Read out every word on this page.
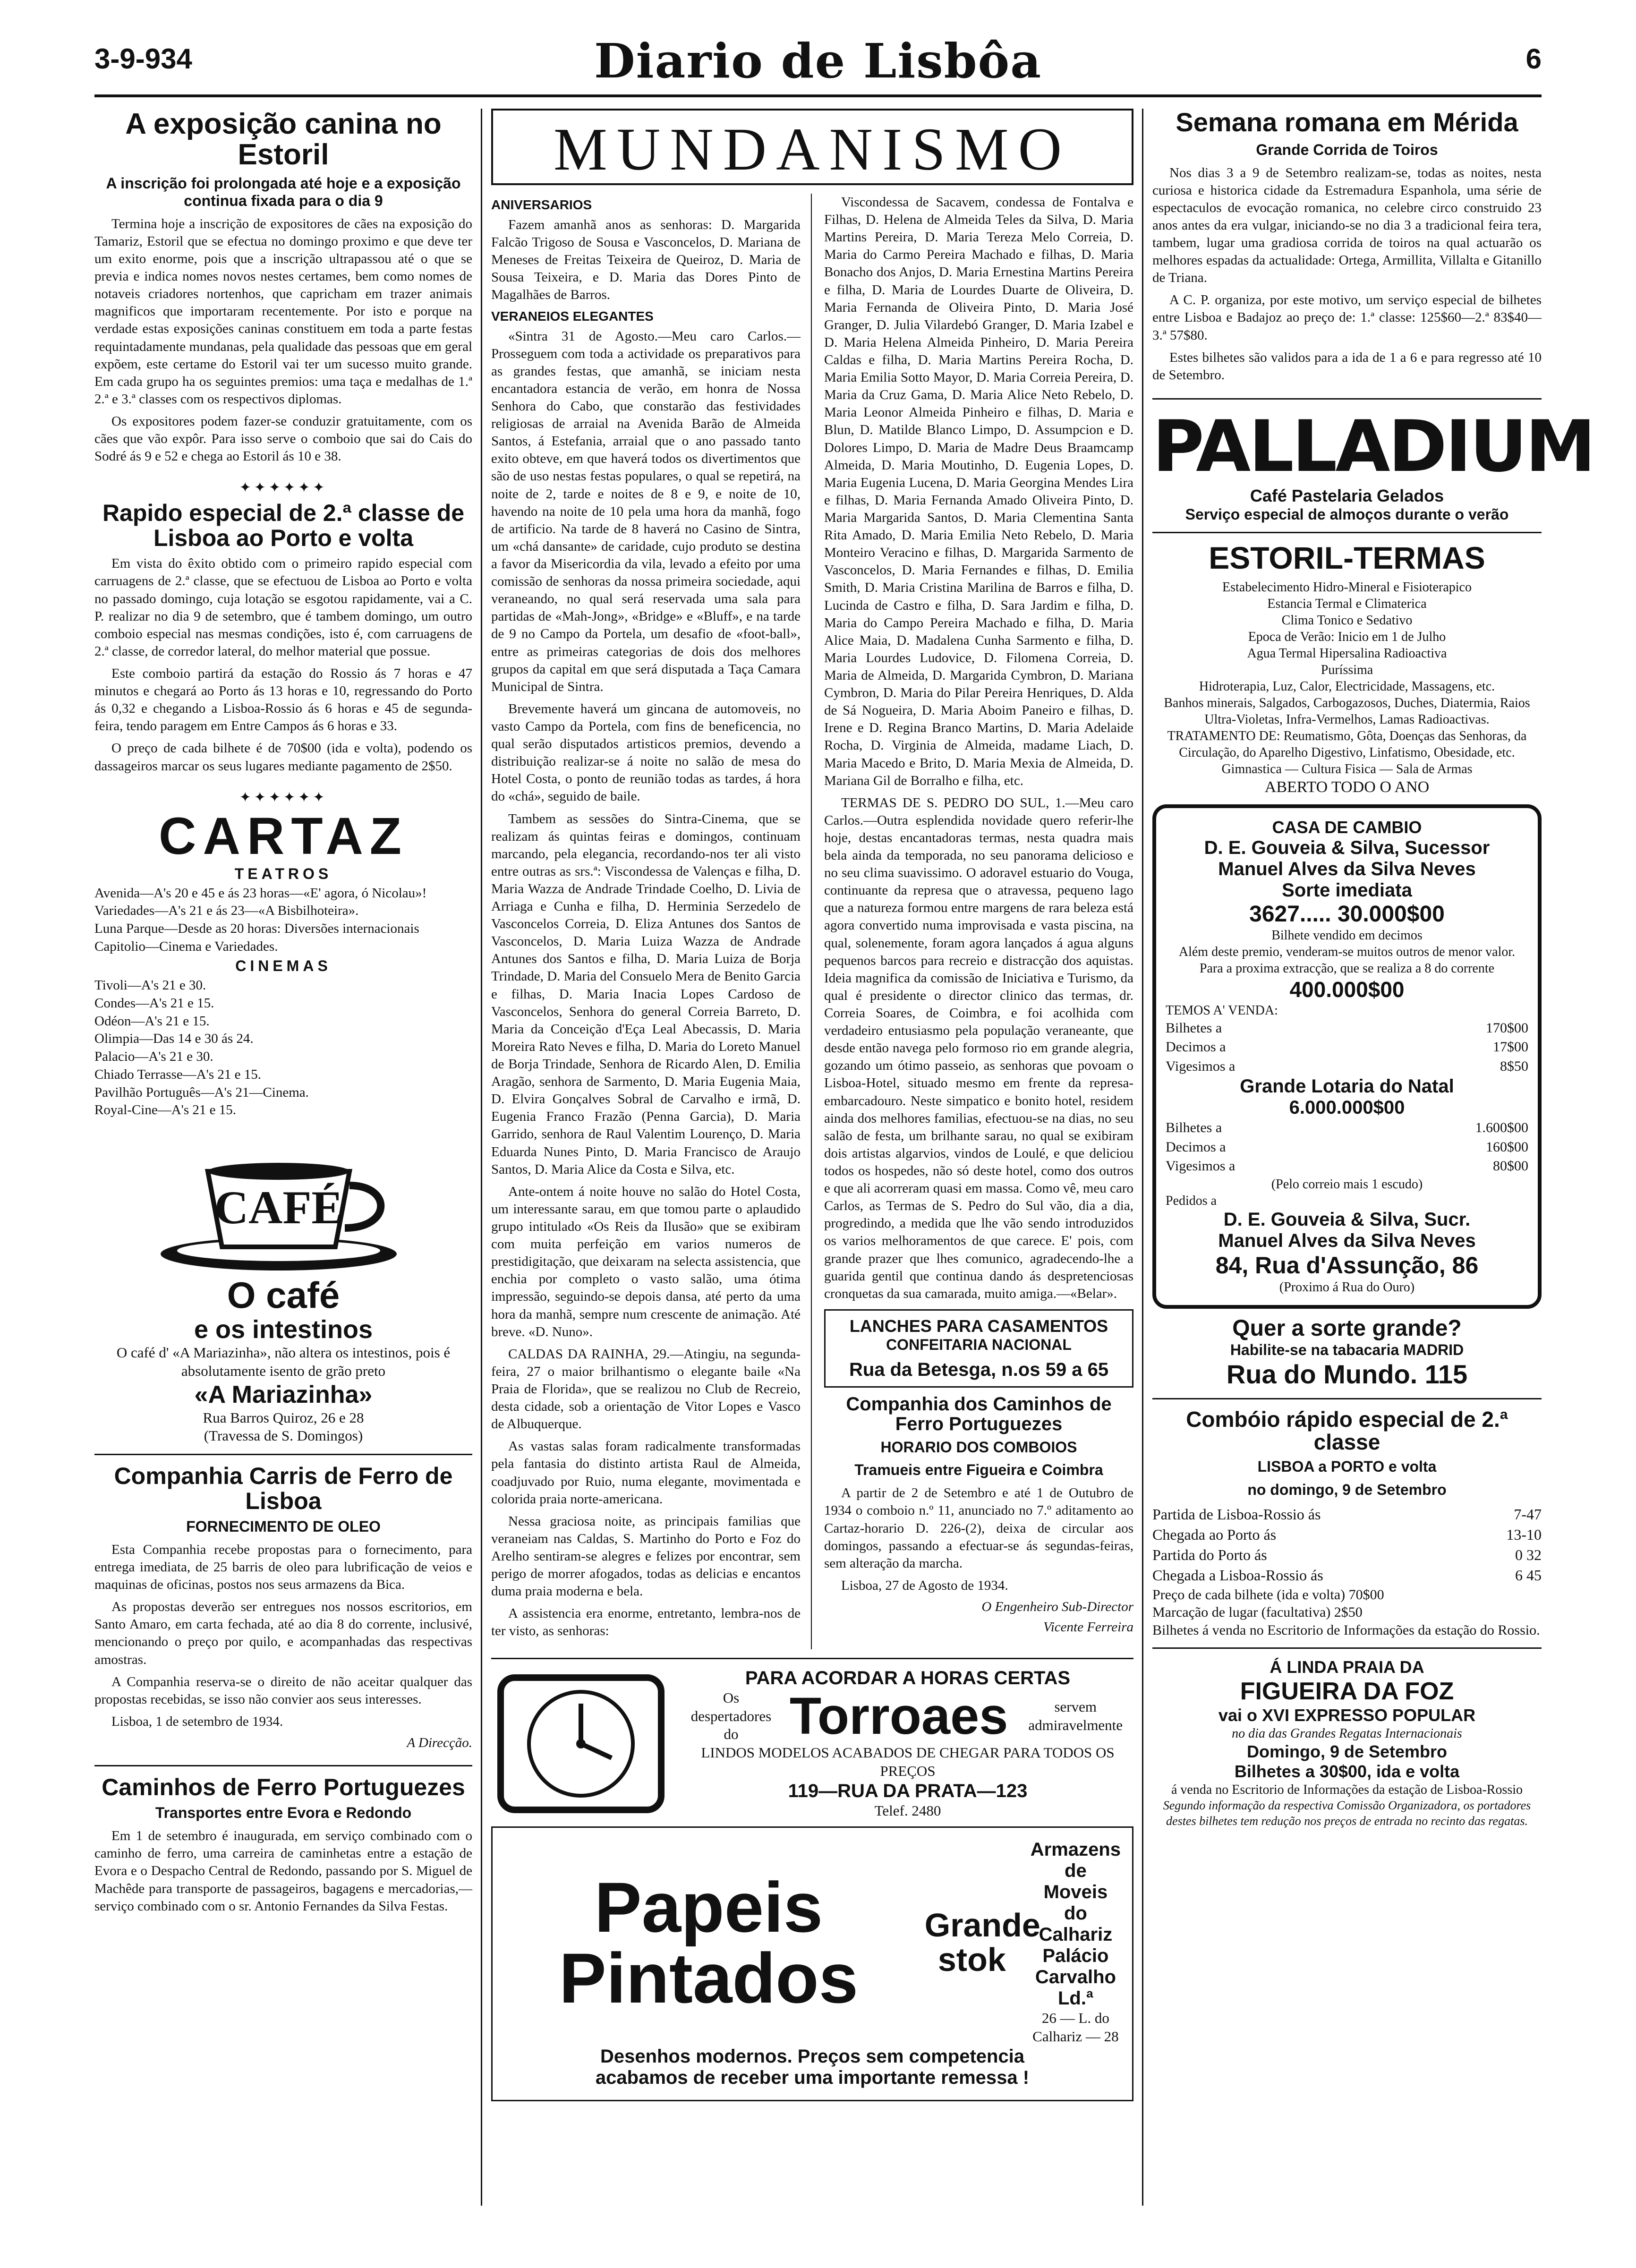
3-9-934	Diario de Lisbôa	6
A exposição canina no Estoril
A inscrição foi prolongada até hoje e a exposição continua fixada para o dia 9

Termina hoje a inscrição de expositores de cães na exposição do Tamariz, Estoril que se efectua no domingo proximo e que deve ter um exito enorme, pois que a inscrição ultrapassou até o que se previa e indica nomes novos nestes certames, bem como nomes de notaveis criadores nortenhos, que capricham em trazer animais magnificos que importaram recentemente. Por isto e porque na verdade estas exposições caninas constituem em toda a parte festas requintadamente mundanas, pela qualidade das pessoas que em geral expõem, este certame do Estoril vai ter um sucesso muito grande. Em cada grupo ha os seguintes premios: uma taça e medalhas de 1.ª 2.ª e 3.ª classes com os respectivos diplomas.

Os expositores podem fazer-se conduzir gratuitamente, com os cães que vão expôr. Para isso serve o comboio que sai do Cais do Sodré ás 9 e 52 e chega ao Estoril ás 10 e 38.

✦✦✦✦✦✦
Rapido especial de 2.ª classe de Lisboa ao Porto e volta

Em vista do êxito obtido com o primeiro rapido especial com carruagens de 2.ª classe, que se efectuou de Lisboa ao Porto e volta no passado domingo, cuja lotação se esgotou rapidamente, vai a C. P. realizar no dia 9 de setembro, que é tambem domingo, um outro comboio especial nas mesmas condições, isto é, com carruagens de 2.ª classe, de corredor lateral, do melhor material que possue.

Este comboio partirá da estação do Rossio ás 7 horas e 47 minutos e chegará ao Porto ás 13 horas e 10, regressando do Porto ás 0,32 e chegando a Lisboa-Rossio ás 6 horas e 45 de segunda-feira, tendo paragem em Entre Campos ás 6 horas e 33.

O preço de cada bilhete é de 70$00 (ida e volta), podendo os dassageiros marcar os seus lugares mediante pagamento de 2$50.

✦✦✦✦✦✦
CARTAZ
TEATROS
Avenida—A's 20 e 45 e ás 23 horas—«E' agora, ó Nicolau»!
Variedades—A's 21 e ás 23—«A Bisbilhoteira».
Luna Parque—Desde as 20 horas: Diversões internacionais
Capitolio—Cinema e Variedades.
CINEMAS
Tivoli—A's 21 e 30.
Condes—A's 21 e 15.
Odéon—A's 21 e 15.
Olimpia—Das 14 e 30 ás 24.
Palacio—A's 21 e 30.
Chiado Terrasse—A's 21 e 15.
Pavilhão Português—A's 21—Cinema.
Royal-Cine—A's 21 e 15.
CAFÉ
O café
e os intestinos
O café d' «A Mariazinha», não altera os intestinos, pois é absolutamente isento de grão preto
«A Mariazinha»
Rua Barros Quiroz, 26 e 28
(Travessa de S. Domingos)
Companhia Carris de Ferro de Lisboa
FORNECIMENTO DE OLEO

Esta Companhia recebe propostas para o fornecimento, para entrega imediata, de 25 barris de oleo para lubrificação de veios e maquinas de oficinas, postos nos seus armazens da Bica.

As propostas deverão ser entregues nos nossos escritorios, em Santo Amaro, em carta fechada, até ao dia 8 do corrente, inclusivé, mencionando o preço por quilo, e acompanhadas das respectivas amostras.

A Companhia reserva-se o direito de não aceitar qualquer das propostas recebidas, se isso não convier aos seus interesses.

Lisboa, 1 de setembro de 1934.

A Direcção.
Caminhos de Ferro Portuguezes
Transportes entre Evora e Redondo

Em 1 de setembro é inaugurada, em serviço combinado com o caminho de ferro, uma carreira de caminhetas entre a estação de Evora e o Despacho Central de Redondo, passando por S. Miguel de Machêde para transporte de passageiros, bagagens e mercadorias,—serviço combinado com o sr. Antonio Fernandes da Silva Festas.

MUNDANISMO
ANIVERSARIOS

Fazem amanhã anos as senhoras: D. Margarida Falcão Trigoso de Sousa e Vasconcelos, D. Mariana de Meneses de Freitas Teixeira de Queiroz, D. Maria de Sousa Teixeira, e D. Maria das Dores Pinto de Magalhães de Barros.

VERANEIOS ELEGANTES

«Sintra 31 de Agosto.—Meu caro Carlos.—Prosseguem com toda a actividade os preparativos para as grandes festas, que amanhã, se iniciam nesta encantadora estancia de verão, em honra de Nossa Senhora do Cabo, que constarão das festividades religiosas de arraial na Avenida Barão de Almeida Santos, á Estefania, arraial que o ano passado tanto exito obteve, em que haverá todos os divertimentos que são de uso nestas festas populares, o qual se repetirá, na noite de 2, tarde e noites de 8 e 9, e noite de 10, havendo na noite de 10 pela uma hora da manhã, fogo de artificio. Na tarde de 8 haverá no Casino de Sintra, um «chá dansante» de caridade, cujo produto se destina a favor da Misericordia da vila, levado a efeito por uma comissão de senhoras da nossa primeira sociedade, aqui veraneando, no qual será reservada uma sala para partidas de «Mah-Jong», «Bridge» e «Bluff», e na tarde de 9 no Campo da Portela, um desafio de «foot-ball», entre as primeiras categorias de dois dos melhores grupos da capital em que será disputada a Taça Camara Municipal de Sintra.

Brevemente haverá um gincana de automoveis, no vasto Campo da Portela, com fins de beneficencia, no qual serão disputados artisticos premios, devendo a distribuição realizar-se á noite no salão de mesa do Hotel Costa, o ponto de reunião todas as tardes, á hora do «chá», seguido de baile.

Tambem as sessões do Sintra-Cinema, que se realizam ás quintas feiras e domingos, continuam marcando, pela elegancia, recordando-nos ter ali visto entre outras as srs.ª: Viscondessa de Valenças e filha, D. Maria Wazza de Andrade Trindade Coelho, D. Livia de Arriaga e Cunha e filha, D. Herminia Serzedelo de Vasconcelos Correia, D. Eliza Antunes dos Santos de Vasconcelos, D. Maria Luiza Wazza de Andrade Antunes dos Santos e filha, D. Maria Luiza de Borja Trindade, D. Maria del Consuelo Mera de Benito Garcia e filhas, D. Maria Inacia Lopes Cardoso de Vasconcelos, Senhora do general Correia Barreto, D. Maria da Conceição d'Eça Leal Abecassis, D. Maria Moreira Rato Neves e filha, D. Maria do Loreto Manuel de Borja Trindade, Senhora de Ricardo Alen, D. Emilia Aragão, senhora de Sarmento, D. Maria Eugenia Maia, D. Elvira Gonçalves Sobral de Carvalho e irmã, D. Eugenia Franco Frazão (Penna Garcia), D. Maria Garrido, senhora de Raul Valentim Lourenço, D. Maria Eduarda Nunes Pinto, D. Maria Francisco de Araujo Santos, D. Maria Alice da Costa e Silva, etc.

Ante-ontem á noite houve no salão do Hotel Costa, um interessante sarau, em que tomou parte o aplaudido grupo intitulado «Os Reis da Ilusão» que se exibiram com muita perfeição em varios numeros de prestidigitação, que deixaram na selecta assistencia, que enchia por completo o vasto salão, uma ótima impressão, seguindo-se depois dansa, até perto da uma hora da manhã, sempre num crescente de animação. Até breve. «D. Nuno».

CALDAS DA RAINHA, 29.—Atingiu, na segunda-feira, 27 o maior brilhantismo o elegante baile «Na Praia de Florida», que se realizou no Club de Recreio, desta cidade, sob a orientação de Vitor Lopes e Vasco de Albuquerque.

As vastas salas foram radicalmente transformadas pela fantasia do distinto artista Raul de Almeida, coadjuvado por Ruio, numa elegante, movimentada e colorida praia norte-americana.

Nessa graciosa noite, as principais familias que veraneiam nas Caldas, S. Martinho do Porto e Foz do Arelho sentiram-se alegres e felizes por encontrar, sem perigo de morrer afogados, todas as delicias e encantos duma praia moderna e bela.

A assistencia era enorme, entretanto, lembra-nos de ter visto, as senhoras:

Viscondessa de Sacavem, condessa de Fontalva e Filhas, D. Helena de Almeida Teles da Silva, D. Maria Martins Pereira, D. Maria Tereza Melo Correia, D. Maria do Carmo Pereira Machado e filhas, D. Maria Bonacho dos Anjos, D. Maria Ernestina Martins Pereira e filha, D. Maria de Lourdes Duarte de Oliveira, D. Maria Fernanda de Oliveira Pinto, D. Maria José Granger, D. Julia Vilardebó Granger, D. Maria Izabel e D. Maria Helena Almeida Pinheiro, D. Maria Pereira Caldas e filha, D. Maria Martins Pereira Rocha, D. Maria Emilia Sotto Mayor, D. Maria Correia Pereira, D. Maria da Cruz Gama, D. Maria Alice Neto Rebelo, D. Maria Leonor Almeida Pinheiro e filhas, D. Maria e Blun, D. Matilde Blanco Limpo, D. Assumpcion e D. Dolores Limpo, D. Maria de Madre Deus Braamcamp Almeida, D. Maria Moutinho, D. Eugenia Lopes, D. Maria Eugenia Lucena, D. Maria Georgina Mendes Lira e filhas, D. Maria Fernanda Amado Oliveira Pinto, D. Maria Margarida Santos, D. Maria Clementina Santa Rita Amado, D. Maria Emilia Neto Rebelo, D. Maria Monteiro Veracino e filhas, D. Margarida Sarmento de Vasconcelos, D. Maria Fernandes e filhas, D. Emilia Smith, D. Maria Cristina Marilina de Barros e filha, D. Lucinda de Castro e filha, D. Sara Jardim e filha, D. Maria do Campo Pereira Machado e filha, D. Maria Alice Maia, D. Madalena Cunha Sarmento e filha, D. Maria Lourdes Ludovice, D. Filomena Correia, D. Maria de Almeida, D. Margarida Cymbron, D. Mariana Cymbron, D. Maria do Pilar Pereira Henriques, D. Alda de Sá Nogueira, D. Maria Aboim Paneiro e filhas, D. Irene e D. Regina Branco Martins, D. Maria Adelaide Rocha, D. Virginia de Almeida, madame Liach, D. Maria Macedo e Brito, D. Maria Mexia de Almeida, D. Mariana Gil de Borralho e filha, etc.

TERMAS DE S. PEDRO DO SUL, 1.—Meu caro Carlos.—Outra esplendida novidade quero referir-lhe hoje, destas encantadoras termas, nesta quadra mais bela ainda da temporada, no seu panorama delicioso e no seu clima suavissimo. O adoravel estuario do Vouga, continuante da represa que o atravessa, pequeno lago que a natureza formou entre margens de rara beleza está agora convertido numa improvisada e vasta piscina, na qual, solenemente, foram agora lançados á agua alguns pequenos barcos para recreio e distracção dos aquistas. Ideia magnifica da comissão de Iniciativa e Turismo, da qual é presidente o director clinico das termas, dr. Correia Soares, de Coimbra, e foi acolhida com verdadeiro entusiasmo pela população veraneante, que desde então navega pelo formoso rio em grande alegria, gozando um ótimo passeio, as senhoras que povoam o Lisboa-Hotel, situado mesmo em frente da represa-embarcadouro. Neste simpatico e bonito hotel, residem ainda dos melhores familias, efectuou-se na dias, no seu salão de festa, um brilhante sarau, no qual se exibiram dois artistas algarvios, vindos de Loulé, e que deliciou todos os hospedes, não só deste hotel, como dos outros e que ali acorreram quasi em massa. Como vê, meu caro Carlos, as Termas de S. Pedro do Sul vão, dia a dia, progredindo, a medida que lhe vão sendo introduzidos os varios melhoramentos de que carece. E' pois, com grande prazer que lhes comunico, agradecendo-lhe a guarida gentil que continua dando ás despretenciosas cronquetas da sua camarada, muito amiga.—«Belar».

LANCHES PARA CASAMENTOS
CONFEITARIA NACIONAL
Rua da Betesga, n.os 59 a 65
Companhia dos Caminhos de Ferro Portuguezes
HORARIO DOS COMBOIOS
Tramueis entre Figueira e Coimbra

A partir de 2 de Setembro e até 1 de Outubro de 1934 o comboio n.º 11, anunciado no 7.º aditamento ao Cartaz-horario D. 226-(2), deixa de circular aos domingos, passando a efectuar-se ás segundas-feiras, sem alteração da marcha.

Lisboa, 27 de Agosto de 1934.

O Engenheiro Sub-Director
Vicente Ferreira
PARA ACORDAR A HORAS CERTAS
Os despertadores do Torroaes	servem admiravelmente
LINDOS MODELOS ACABADOS DE CHEGAR PARA TODOS OS PREÇOS
119—RUA DA PRATA—123
Telef. 2480
Papeis Pintados
Grande stok
Armazens de Moveis do Calhariz
Palácio Carvalho Ld.ª
26 — L. do Calhariz — 28
Desenhos modernos. Preços sem competencia
acabamos de receber uma importante remessa !
Semana romana em Mérida
Grande Corrida de Toiros

Nos dias 3 a 9 de Setembro realizam-se, todas as noites, nesta curiosa e historica cidade da Estremadura Espanhola, uma série de espectaculos de evocação romanica, no celebre circo construido 23 anos antes da era vulgar, iniciando-se no dia 3 a tradicional feira tera, tambem, lugar uma gradiosa corrida de toiros na qual actuarão os melhores espadas da actualidade: Ortega, Armillita, Villalta e Gitanillo de Triana.

A C. P. organiza, por este motivo, um serviço especial de bilhetes entre Lisboa e Badajoz ao preço de: 1.ª classe: 125$60—2.ª 83$40—3.ª 57$80.

Estes bilhetes são validos para a ida de 1 a 6 e para regresso até 10 de Setembro.

PALLADIUM
Café Pastelaria Gelados
Serviço especial de almoços durante o verão
ESTORIL-TERMAS
Estabelecimento Hidro-Mineral e Fisioterapico
Estancia Termal e Climaterica
Clima Tonico e Sedativo
Epoca de Verão: Inicio em 1 de Julho
Agua Termal Hipersalina Radioactiva
Puríssima
Hidroterapia, Luz, Calor, Electricidade, Massagens, etc.
Banhos minerais, Salgados, Carbogazosos, Duches, Diatermia, Raios Ultra-Violetas, Infra-Vermelhos, Lamas Radioactivas.
TRATAMENTO DE: Reumatismo, Gôta, Doenças das Senhoras, da Circulação, do Aparelho Digestivo, Linfatismo, Obesidade, etc.
Gimnastica — Cultura Fisica — Sala de Armas
ABERTO TODO O ANO
CASA DE CAMBIO
D. E. Gouveia & Silva, Sucessor
Manuel Alves da Silva Neves
Sorte imediata
3627..... 30.000$00
Bilhete vendido em decimos
Além deste premio, venderam-se muitos outros de menor valor.
Para a proxima extracção, que se realiza a 8 do corrente
400.000$00
TEMOS A' VENDA:
Bilhetes a	170$00
Decimos a	17$00
Vigesimos a	8$50
Grande Lotaria do Natal
6.000.000$00
Bilhetes a	1.600$00
Decimos a	160$00
Vigesimos a	80$00
(Pelo correio mais 1 escudo)
Pedidos a
D. E. Gouveia & Silva, Sucr.
Manuel Alves da Silva Neves
84, Rua d'Assunção, 86
(Proximo á Rua do Ouro)
Quer a sorte grande?
Habilite-se na tabacaria MADRID
Rua do Mundo. 115
Combóio rápido especial de 2.ª classe
LISBOA a PORTO e volta
no domingo, 9 de Setembro
Partida de Lisboa-Rossio ás	7-47
Chegada ao Porto ás	13-10
Partida do Porto ás	0 32
Chegada a Lisboa-Rossio ás	6 45
Preço de cada bilhete (ida e volta) 70$00
Marcação de lugar (facultativa) 2$50
Bilhetes á venda no Escritorio de Informações da estação do Rossio.
Á LINDA PRAIA DA
FIGUEIRA DA FOZ
vai o XVI EXPRESSO POPULAR
no dia das Grandes Regatas Internacionais
Domingo, 9 de Setembro
Bilhetes a 30$00, ida e volta
á venda no Escritorio de Informações da estação de Lisboa-Rossio
Segundo informação da respectiva Comissão Organizadora, os portadores destes bilhetes tem redução nos preços de entrada no recinto das regatas.
